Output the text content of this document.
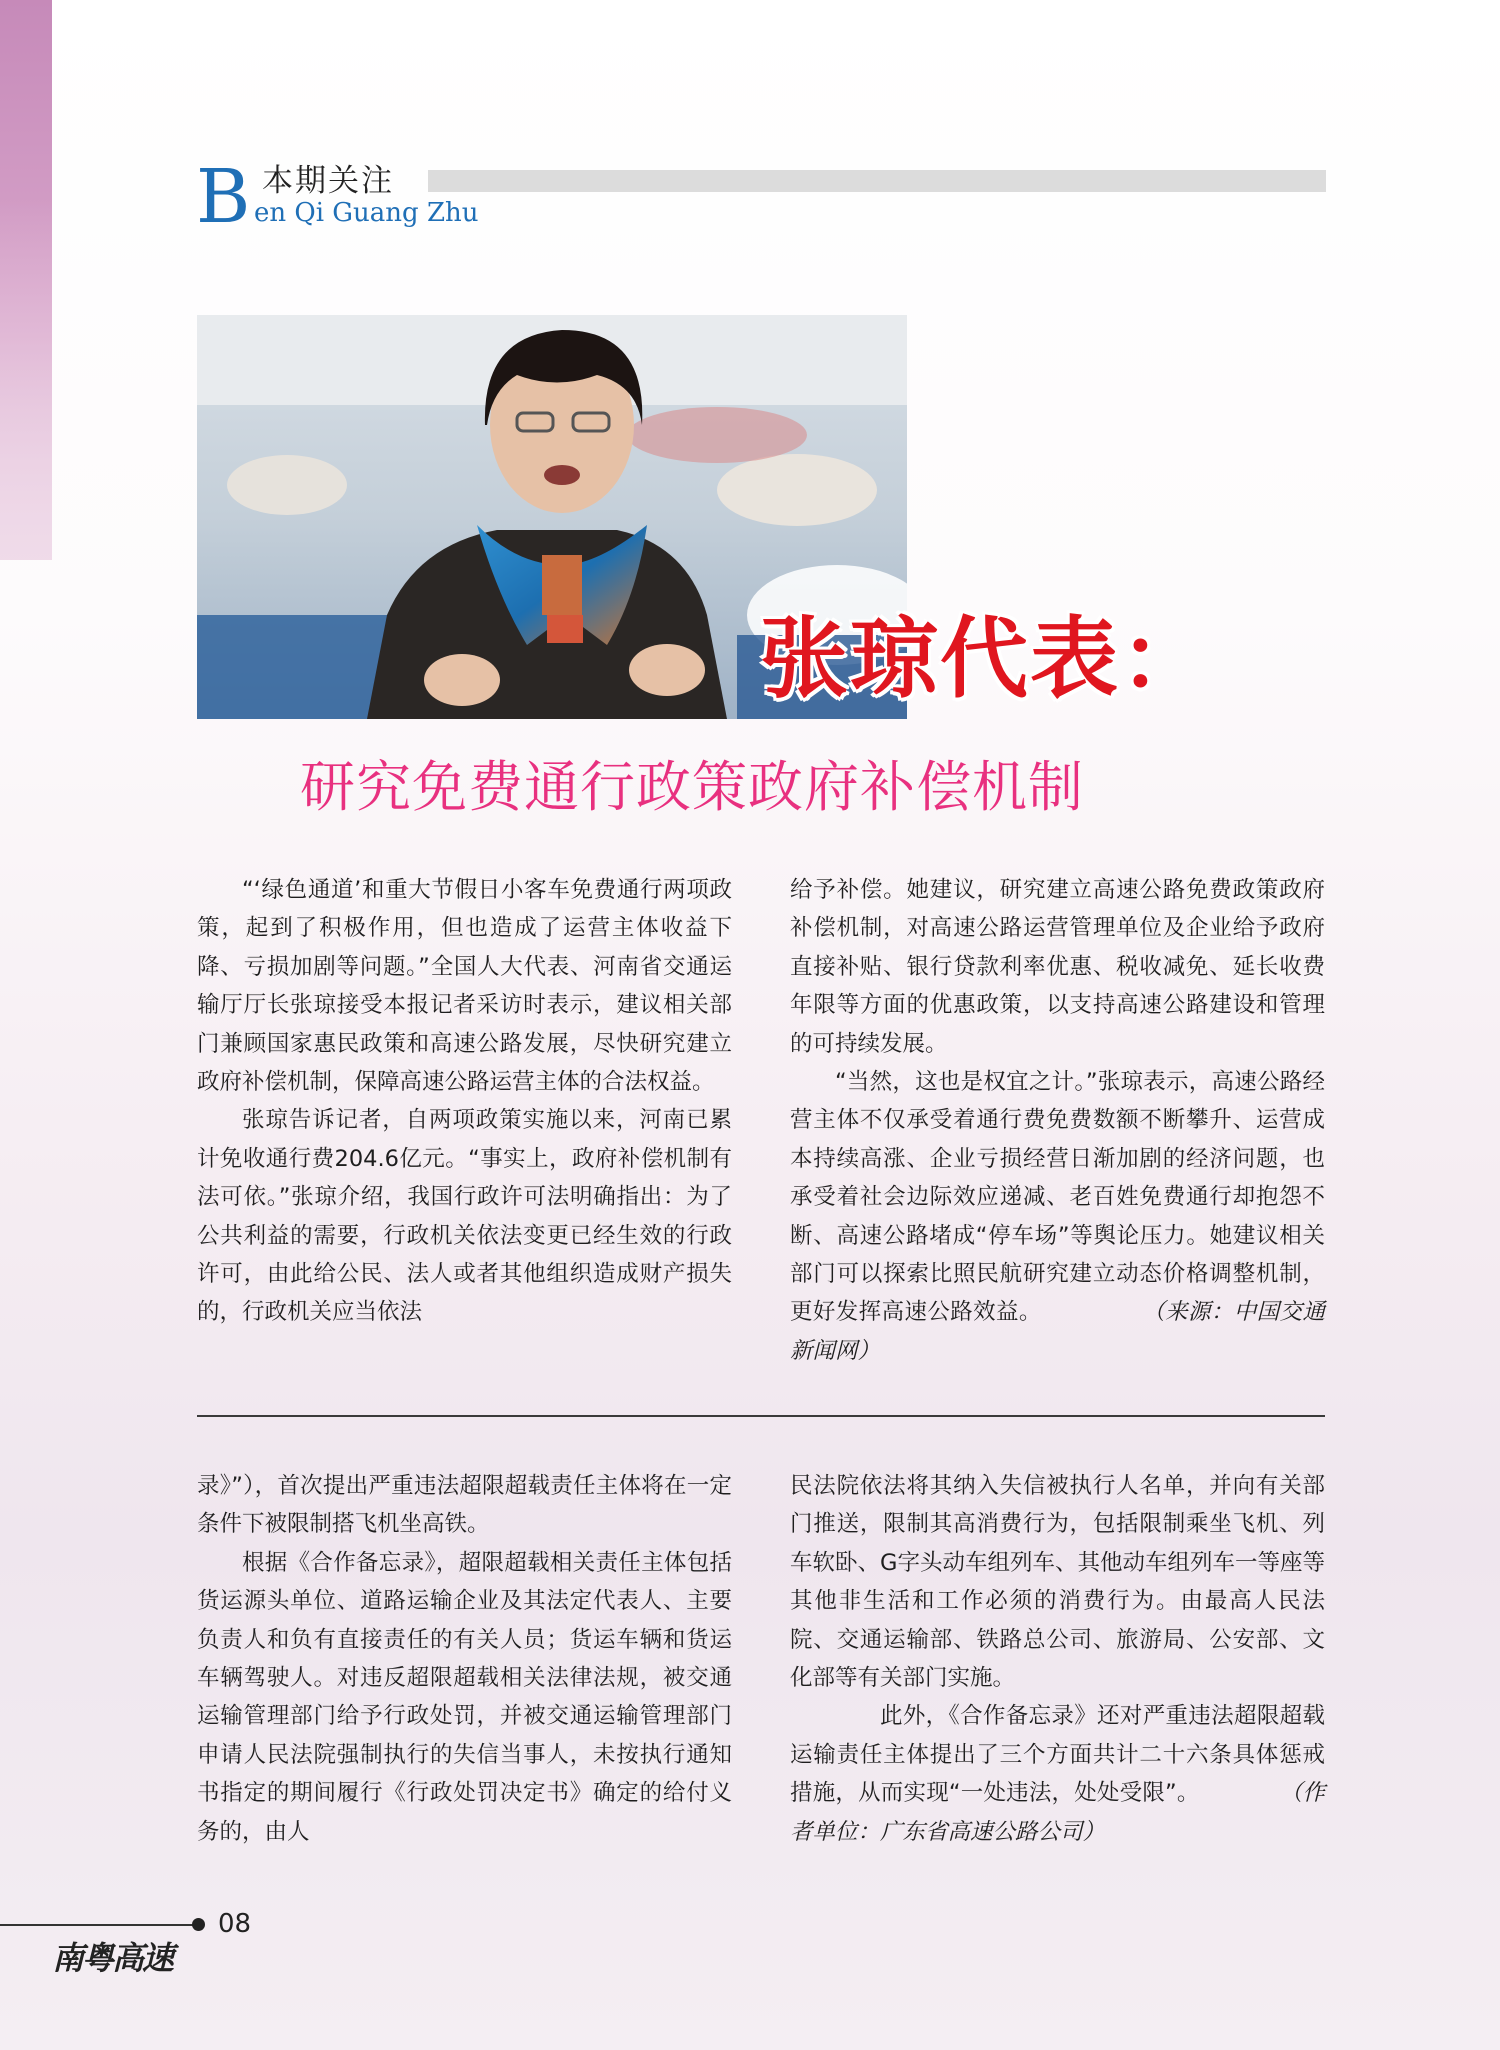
B 本期关注
en Qi Guang Zhu
张琼代表：
研究免费通行政策政府补偿机制

“‘绿色通道’和重大节假日小客车免费通行两项政策，起到了积极作用，但也造成了运营主体收益下降、亏损加剧等问题。”全国人大代表、河南省交通运输厅厅长张琼接受本报记者采访时表示，建议相关部门兼顾国家惠民政策和高速公路发展，尽快研究建立政府补偿机制，保障高速公路运营主体的合法权益。

张琼告诉记者，自两项政策实施以来，河南已累计免收通行费204.6亿元。“事实上，政府补偿机制有法可依。”张琼介绍，我国行政许可法明确指出：为了公共利益的需要，行政机关依法变更已经生效的行政许可，由此给公民、法人或者其他组织造成财产损失的，行政机关应当依法

给予补偿。她建议，研究建立高速公路免费政策政府补偿机制，对高速公路运营管理单位及企业给予政府直接补贴、银行贷款利率优惠、税收减免、延长收费年限等方面的优惠政策，以支持高速公路建设和管理的可持续发展。

“当然，这也是权宜之计。”张琼表示，高速公路经营主体不仅承受着通行费免费数额不断攀升、运营成本持续高涨、企业亏损经营日渐加剧的经济问题，也承受着社会边际效应递减、老百姓免费通行却抱怨不断、高速公路堵成“停车场”等舆论压力。她建议相关部门可以探索比照民航研究建立动态价格调整机制，更好发挥高速公路效益。	（来源：中国交通新闻网）

录》”），首次提出严重违法超限超载责任主体将在一定条件下被限制搭飞机坐高铁。

根据《合作备忘录》，超限超载相关责任主体包括货运源头单位、道路运输企业及其法定代表人、主要负责人和负有直接责任的有关人员；货运车辆和货运车辆驾驶人。对违反超限超载相关法律法规，被交通运输管理部门给予行政处罚，并被交通运输管理部门申请人民法院强制执行的失信当事人，未按执行通知书指定的期间履行《行政处罚决定书》确定的给付义务的，由人

民法院依法将其纳入失信被执行人名单，并向有关部门推送，限制其高消费行为，包括限制乘坐飞机、列车软卧、G字头动车组列车、其他动车组列车一等座等其他非生活和工作必须的消费行为。由最高人民法院、交通运输部、铁路总公司、旅游局、公安部、文化部等有关部门实施。

此外，《合作备忘录》还对严重违法超限超载运输责任主体提出了三个方面共计二十六条具体惩戒措施，从而实现“一处违法，处处受限”。	（作者单位：广东省高速公路公司）

08
南粤高速
